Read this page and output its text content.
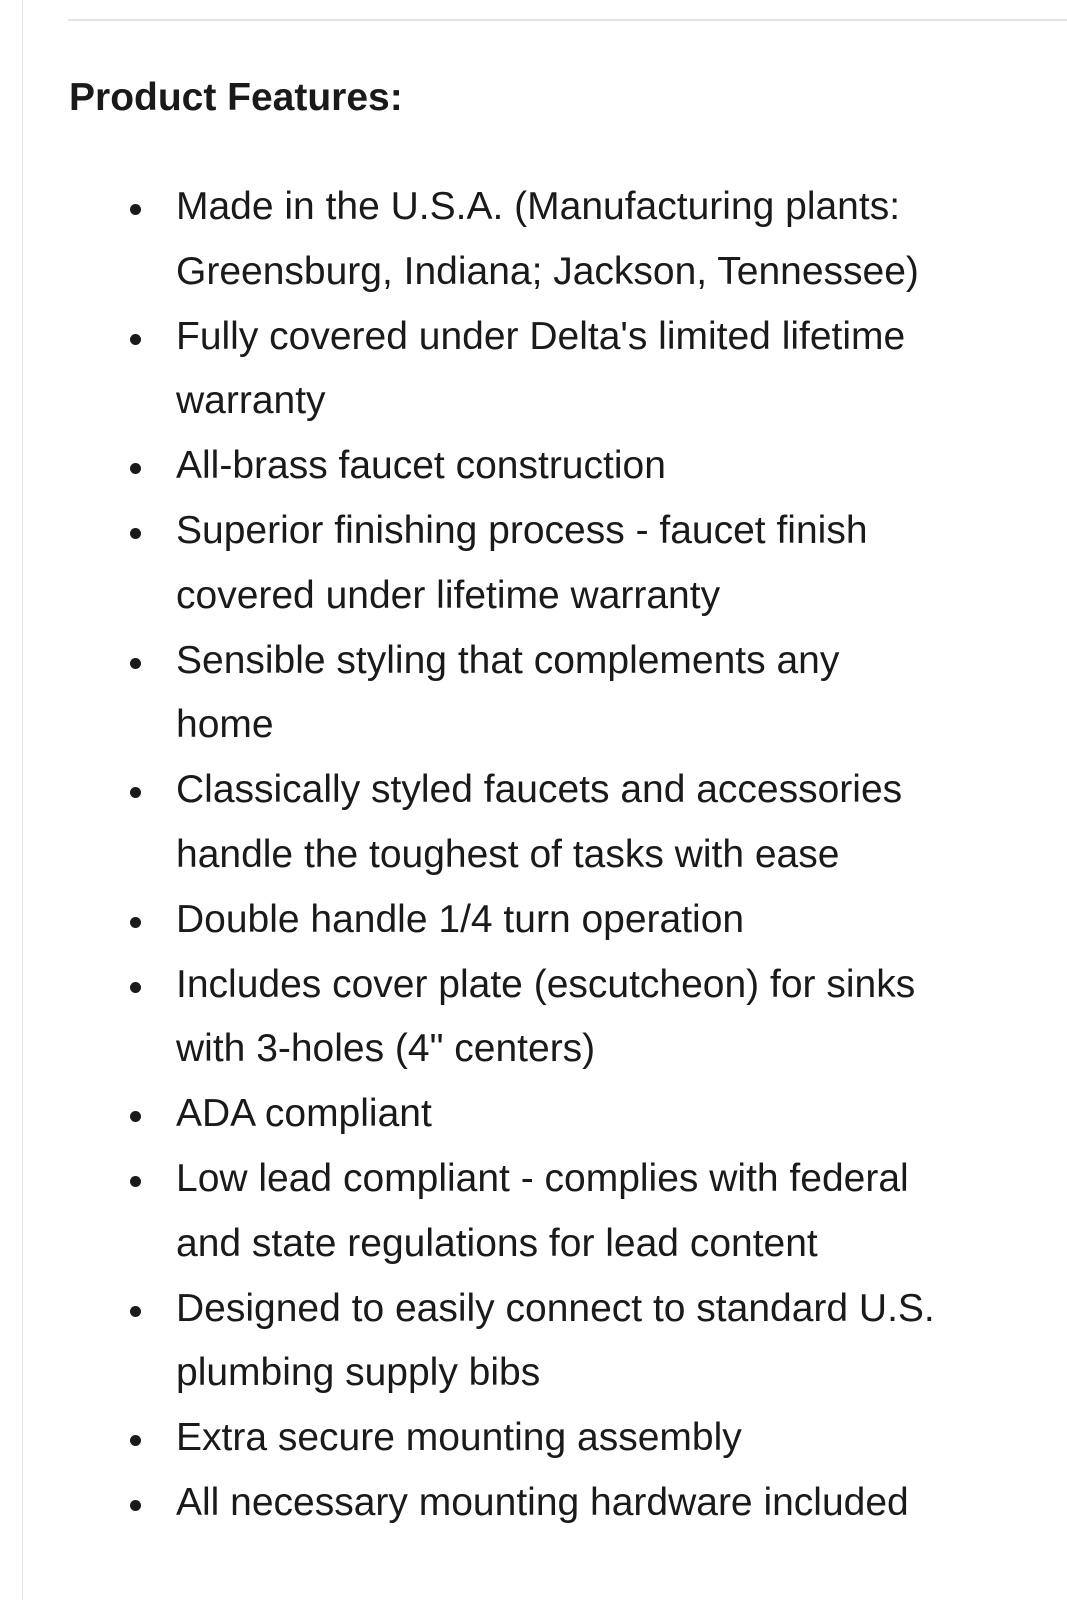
Product Features:
Made in the U.S.A. (Manufacturing plants:
Greensburg, Indiana; Jackson, Tennessee)
Fully covered under Delta's limited lifetime
warranty
All-brass faucet construction
Superior finishing process - faucet finish
covered under lifetime warranty
Sensible styling that complements any
home
Classically styled faucets and accessories
handle the toughest of tasks with ease
Double handle 1/4 turn operation
Includes cover plate (escutcheon) for sinks
with 3-holes (4" centers)
ADA compliant
Low lead compliant - complies with federal
and state regulations for lead content
Designed to easily connect to standard U.S.
plumbing supply bibs
Extra secure mounting assembly
All necessary mounting hardware included
